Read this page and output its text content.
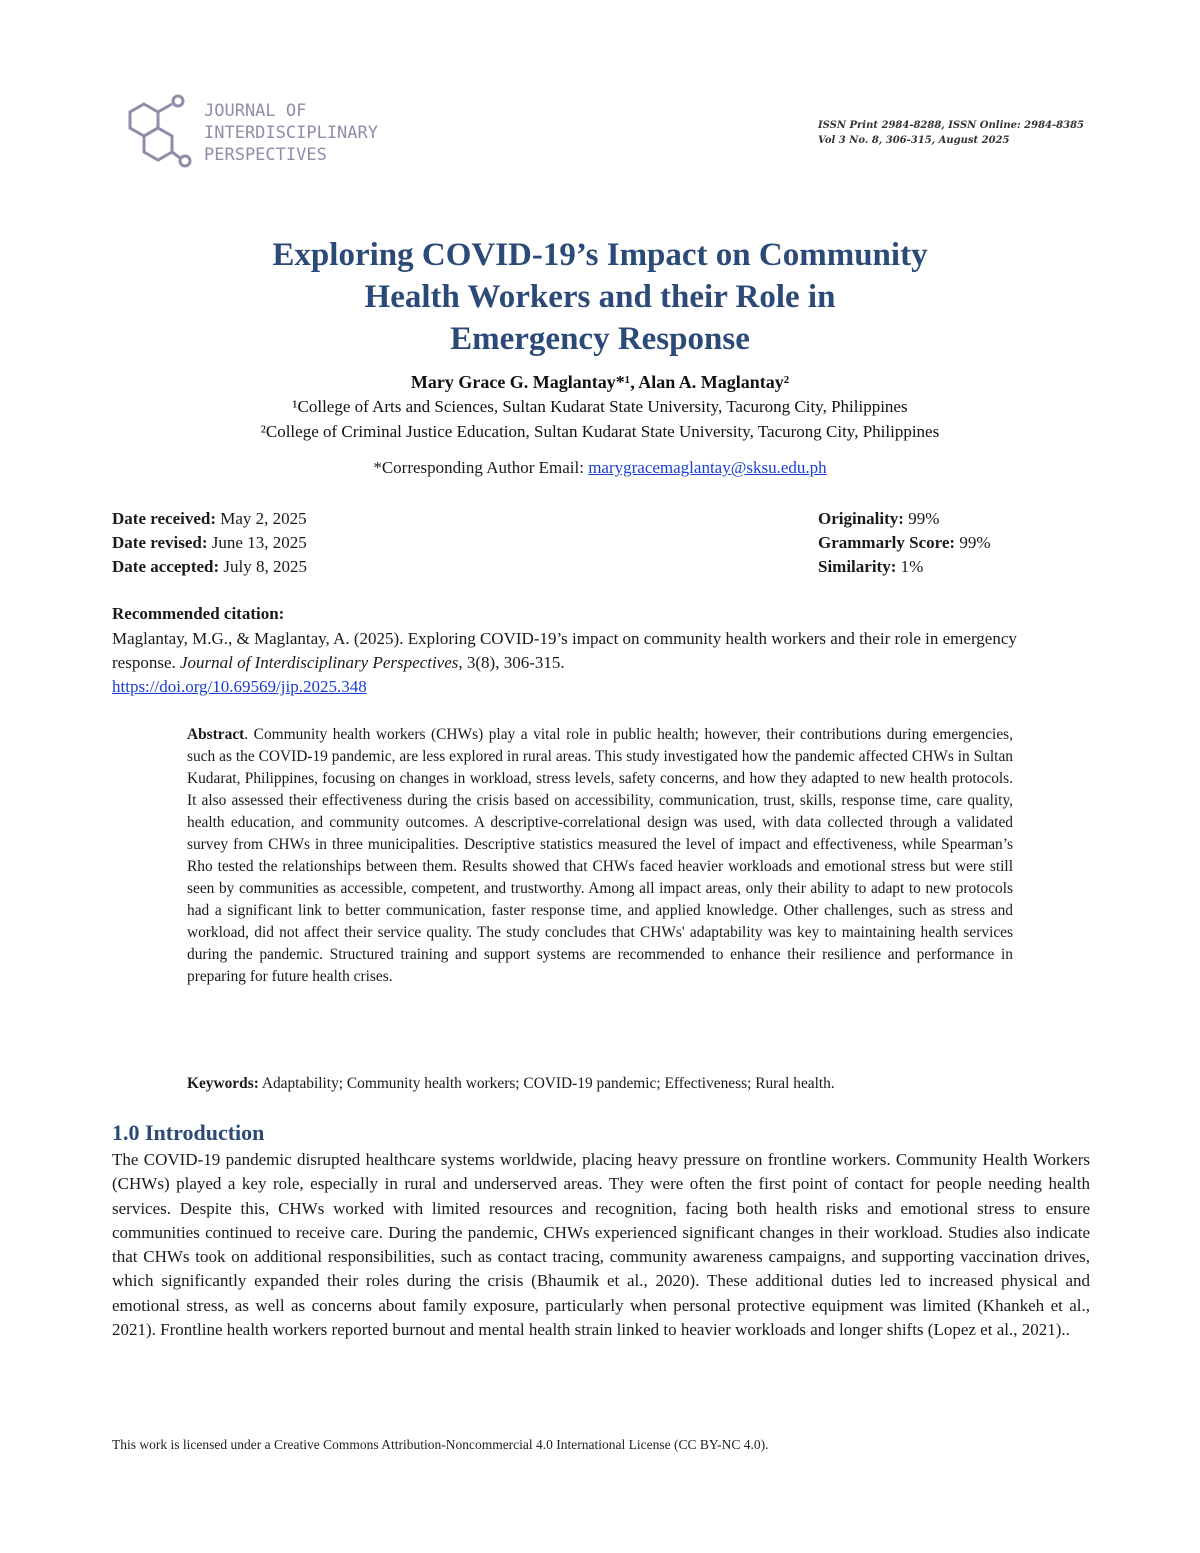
JOURNAL OF
INTERDISCIPLINARY
PERSPECTIVES
ISSN Print 2984-8288, ISSN Online: 2984-8385
Vol 3 No. 8, 306-315, August 2025
Exploring COVID-19’s Impact on Community
Health Workers and their Role in
Emergency Response
Mary Grace G. Maglantay*¹, Alan A. Maglantay²
¹College of Arts and Sciences, Sultan Kudarat State University, Tacurong City, Philippines
²College of Criminal Justice Education, Sultan Kudarat State University, Tacurong City, Philippines
*Corresponding Author Email: marygracemaglantay@sksu.edu.ph
Date received: May 2, 2025
Date revised: June 13, 2025
Date accepted: July 8, 2025
Originality: 99%
Grammarly Score: 99%
Similarity: 1%
Recommended citation:
Maglantay, M.G., & Maglantay, A. (2025). Exploring COVID-19’s impact on community health workers and their role in emergency response. Journal of Interdisciplinary Perspectives, 3(8), 306-315.
https://doi.org/10.69569/jip.2025.348
Abstract. Community health workers (CHWs) play a vital role in public health; however, their contributions during emergencies, such as the COVID-19 pandemic, are less explored in rural areas. This study investigated how the pandemic affected CHWs in Sultan Kudarat, Philippines, focusing on changes in workload, stress levels, safety concerns, and how they adapted to new health protocols. It also assessed their effectiveness during the crisis based on accessibility, communication, trust, skills, response time, care quality, health education, and community outcomes. A descriptive-correlational design was used, with data collected through a validated survey from CHWs in three municipalities. Descriptive statistics measured the level of impact and effectiveness, while Spearman’s Rho tested the relationships between them. Results showed that CHWs faced heavier workloads and emotional stress but were still seen by communities as accessible, competent, and trustworthy. Among all impact areas, only their ability to adapt to new protocols had a significant link to better communication, faster response time, and applied knowledge. Other challenges, such as stress and workload, did not affect their service quality. The study concludes that CHWs' adaptability was key to maintaining health services during the pandemic. Structured training and support systems are recommended to enhance their resilience and performance in preparing for future health crises.
Keywords: Adaptability; Community health workers; COVID-19 pandemic; Effectiveness; Rural health.
1.0 Introduction
The COVID-19 pandemic disrupted healthcare systems worldwide, placing heavy pressure on frontline workers. Community Health Workers (CHWs) played a key role, especially in rural and underserved areas. They were often the first point of contact for people needing health services. Despite this, CHWs worked with limited resources and recognition, facing both health risks and emotional stress to ensure communities continued to receive care. During the pandemic, CHWs experienced significant changes in their workload. Studies also indicate that CHWs took on additional responsibilities, such as contact tracing, community awareness campaigns, and supporting vaccination drives, which significantly expanded their roles during the crisis (Bhaumik et al., 2020). These additional duties led to increased physical and emotional stress, as well as concerns about family exposure, particularly when personal protective equipment was limited (Khankeh et al., 2021). Frontline health workers reported burnout and mental health strain linked to heavier workloads and longer shifts (Lopez et al., 2021)..
This work is licensed under a Creative Commons Attribution-Noncommercial 4.0 International License (CC BY-NC 4.0).
